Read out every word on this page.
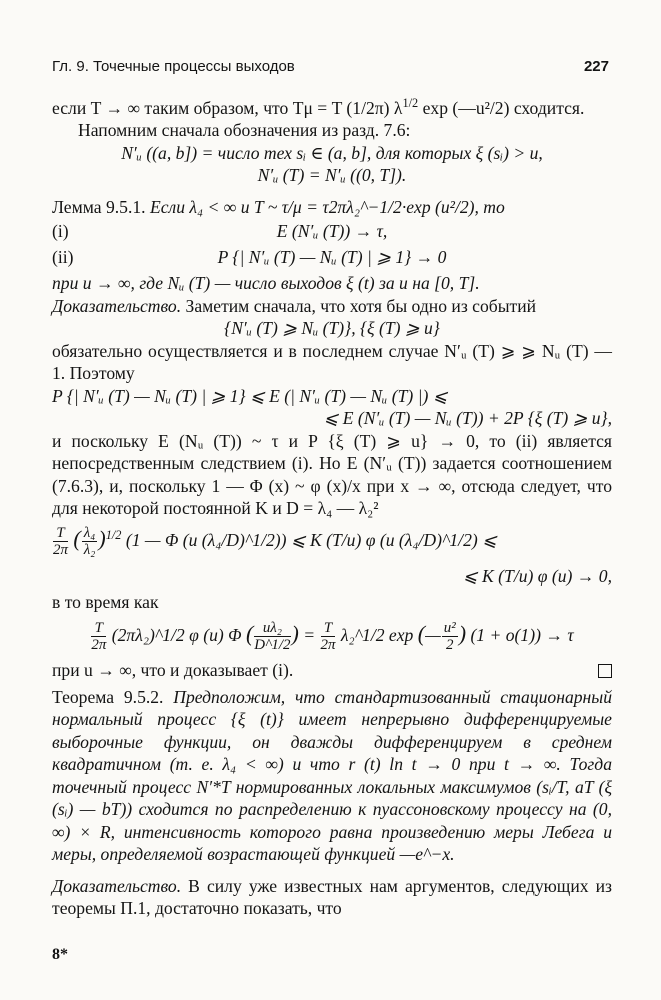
Гл. 9. Точечные процессы выходов	227

если T → ∞ таким образом, что Tμ = T (1/2π) $\lambda^{1/2}$ exp (—u²/2) сходится.

Напомним сначала обозначения из разд. 7.6:

N′ᵤ ((a, b]) = число тех sᵢ ∈ (a, b], для которых ξ (sᵢ) > u,

N′ᵤ (T) = N′ᵤ ((0, T]).

Лемма 9.5.1. Если λ₄ < ∞ и T ~ τ/μ = τ2πλ₂^−1/2·exp (u²/2), то

(i)	E (N′ᵤ (T)) → τ,
(ii)	P {| N′ᵤ (T) — Nᵤ (T) | ⩾ 1} → 0

при u → ∞, где Nᵤ (T) — число выходов ξ (t) за u на [0, T].

Доказательство. Заметим сначала, что хотя бы одно из событий

{N′ᵤ (T) ⩾ Nᵤ (T)}, {ξ (T) ⩾ u}

обязательно осуществляется и в последнем случае N′ᵤ (T) ⩾ ⩾ Nᵤ (T) — 1. Поэтому

P {| N′ᵤ (T) — Nᵤ (T) | ⩾ 1} ⩽ E (| N′ᵤ (T) — Nᵤ (T) |) ⩽

⩽ E (N′ᵤ (T) — Nᵤ (T)) + 2P {ξ (T) ⩾ u},

и поскольку E (Nᵤ (T)) ~ τ и P {ξ (T) ⩾ u} → 0, то (ii) является непосредственным следствием (i). Но E (N′ᵤ (T)) задается соотношением (7.6.3), и, поскольку 1 — Φ (x) ~ φ (x)/x при x → ∞, отсюда следует, что для некоторой постоянной K и D = λ₄ — λ₂²

$\frac{T}{2\pi}$ ( $\frac{\text{λ₄}}{\text{λ₂}} )^{1/2}$ (1 — Φ (u (λ₄/D)^1/2)) ⩽ K (T/u) φ (u (λ₄/D)^1/2) ⩽

⩽ K (T/u) φ (u) → 0,

в то время как

$\frac{T}{2\pi}$ (2πλ₂)^1/2 φ (u) Φ ( $\frac{\text{uλ₂}}{D\^{}1/2}$ ) = $\frac{T}{2\pi}$ λ₂^1/2 exp (— $\frac{\text{u²}}{2}$ ) (1 + o(1)) → τ

при u → ∞, что и доказывает (i).

Теорема 9.5.2. Предположим, что стандартизованный стационарный нормальный процесс {ξ (t)} имеет непрерывно дифференцируемые выборочные функции, он дважды дифференцируем в среднем квадратичном (т. е. λ₄ < ∞) и что r (t) ln t → 0 при t → ∞. Тогда точечный процесс N′*T нормированных локальных максимумов (sᵢ/T, aT (ξ (sᵢ) — bT)) сходится по распределению к пуассоновскому процессу на (0, ∞) × R, интенсивность которого равна произведению меры Лебега и меры, определяемой возрастающей функцией —e^−x.

Доказательство. В силу уже известных нам аргументов, следующих из теоремы П.1, достаточно показать, что

8*
